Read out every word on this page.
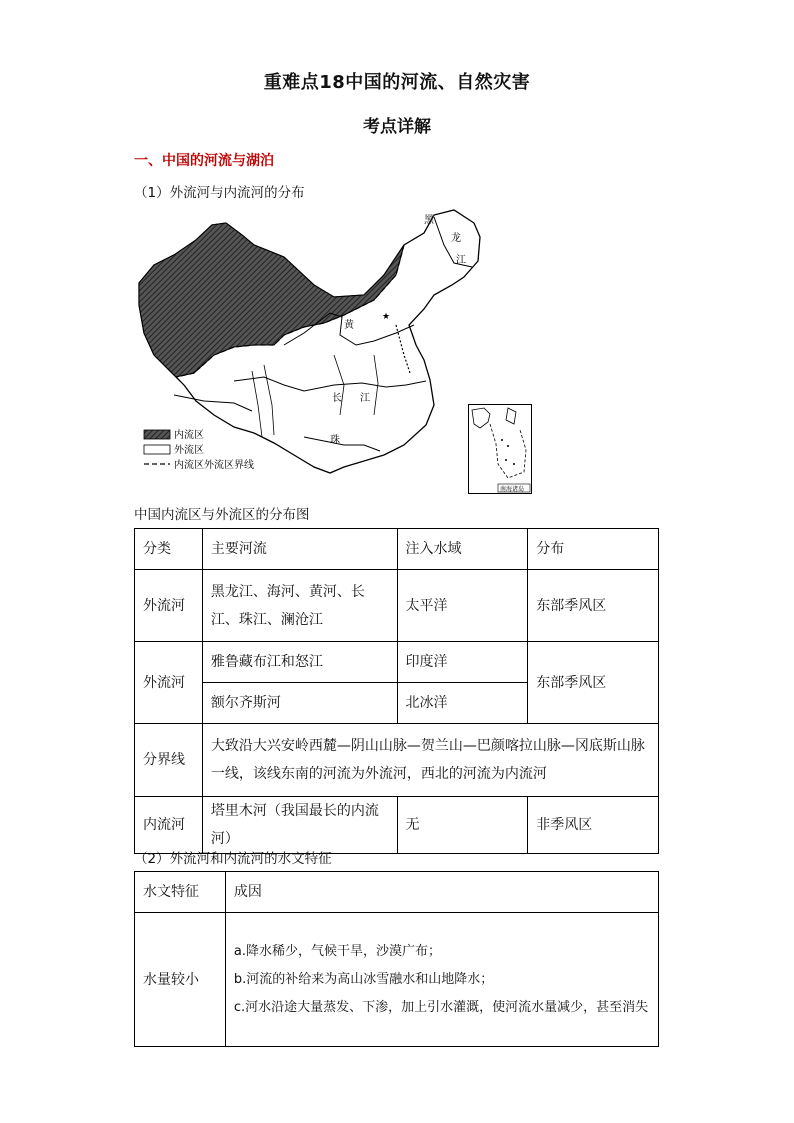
重难点18中国的河流、自然灾害
考点详解
一、中国的河流与湖泊
（1）外流河与内流河的分布
★
黑
龙
江
黄
长 江
珠
内流区
外流区
内流区外流区界线
南海诸岛
中国内流区与外流区的分布图
分类	主要河流	注入水域	分布
外流河	黑龙江、海河、黄河、长江、珠江、澜沧江	太平洋	东部季风区
外流河	雅鲁藏布江和怒江	印度洋	东部季风区
	额尔齐斯河	北冰洋	
分界线	大致沿大兴安岭西麓—阴山山脉—贺兰山—巴颜喀拉山脉—冈底斯山脉一线，该线东南的河流为外流河，西北的河流为内流河		
内流河	塔里木河（我国最长的内流河）	无	非季风区
（2）外流河和内流河的水文特征
水文特征	成因
水量较小	a.降水稀少，气候干旱，沙漠广布；
b.河流的补给来为高山冰雪融水和山地降水；
c.河水沿途大量蒸发、下渗，加上引水灌溉，使河流水量减少，甚至消失
